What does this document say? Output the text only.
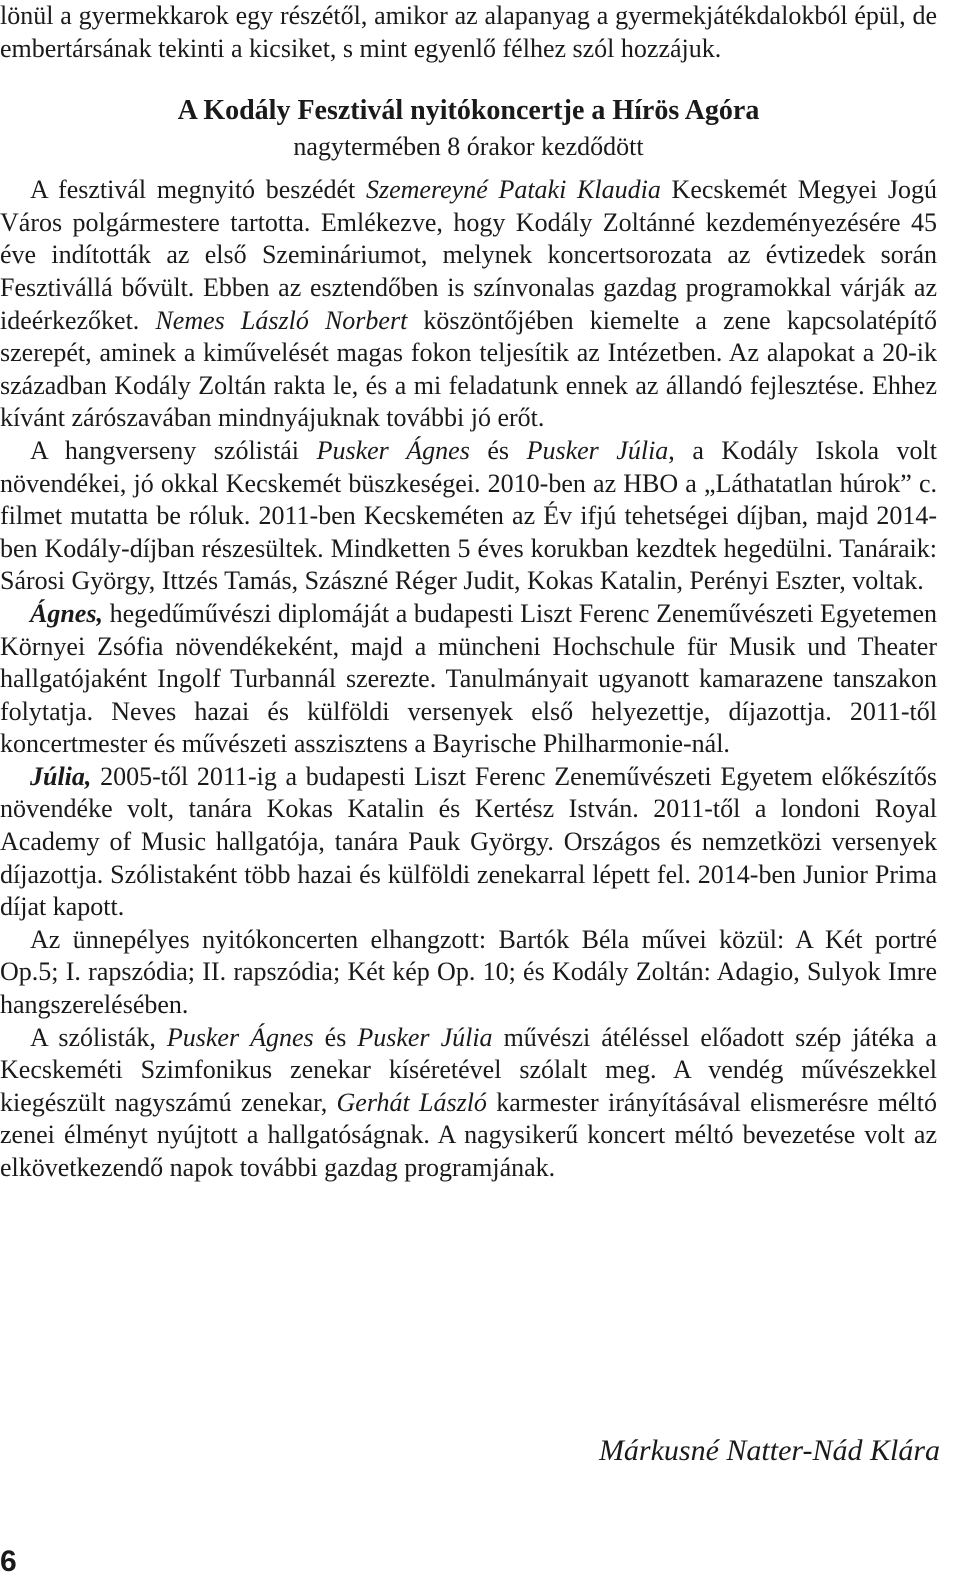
lönül a gyermekkarok egy részétől, amikor az alapanyag a gyermekjátékdalokból épül, de embertársának tekinti a kicsiket, s mint egyenlő félhez szól hozzájuk.

A Kodály Fesztivál nyitókoncertje a Hírös Agóra
nagytermében 8 órakor kezdődött

A fesztivál megnyitó beszédét Szemereyné Pataki Klaudia Kecskemét Megyei Jogú Város polgármestere tartotta. Emlékezve, hogy Kodály Zoltánné kezdeményezésére 45 éve indították az első Szemináriumot, melynek koncertsorozata az évtizedek során Fesztivállá bővült. Ebben az esztendőben is színvonalas gazdag programokkal várják az ideérkezőket. Nemes László Norbert köszöntőjében kiemelte a zene kapcsolatépítő szerepét, aminek a kiművelését magas fokon teljesítik az Intézetben. Az alapokat a 20-ik században Kodály Zoltán rakta le, és a mi feladatunk ennek az állandó fejlesztése. Ehhez kívánt zárószavában mindnyájuknak további jó erőt.

A hangverseny szólistái Pusker Ágnes és Pusker Júlia, a Kodály Iskola volt növendékei, jó okkal Kecskemét büszkeségei. 2010-ben az HBO a „Láthatatlan húrok” c. filmet mutatta be róluk. 2011-ben Kecskeméten az Év ifjú tehetségei díjban, majd 2014-ben Kodály-díjban részesültek. Mindketten 5 éves korukban kezdtek hegedülni. Tanáraik: Sárosi György, Ittzés Tamás, Szászné Réger Judit, Kokas Katalin, Perényi Eszter, voltak.

Ágnes, hegedűművészi diplomáját a budapesti Liszt Ferenc Zeneművészeti Egyetemen Környei Zsófia növendékeként, majd a müncheni Hochschule für Musik und Theater hallgatójaként Ingolf Turbannál szerezte. Tanulmányait ugyanott kamarazene tanszakon folytatja. Neves hazai és külföldi versenyek első helyezettje, díjazottja. 2011-től koncertmester és művészeti asszisztens a Bayrische Philharmonie-nál.

Júlia, 2005-től 2011-ig a budapesti Liszt Ferenc Zeneművészeti Egyetem előkészítős növendéke volt, tanára Kokas Katalin és Kertész István. 2011-től a londoni Royal Academy of Music hallgatója, tanára Pauk György. Országos és nemzetközi versenyek díjazottja. Szólistaként több hazai és külföldi zenekarral lépett fel. 2014-ben Junior Prima díjat kapott.

Az ünnepélyes nyitókoncerten elhangzott: Bartók Béla művei közül: A Két portré Op.5; I. rapszódia; II. rapszódia; Két kép Op. 10; és Kodály Zoltán: Adagio, Sulyok Imre hangszerelésében.

A szólisták, Pusker Ágnes és Pusker Júlia művészi átéléssel előadott szép játéka a Kecskeméti Szimfonikus zenekar kíséretével szólalt meg. A vendég művészekkel kiegészült nagyszámú zenekar, Gerhát László karmester irányításával elismerésre méltó zenei élményt nyújtott a hallgatóságnak. A nagysikerű koncert méltó bevezetése volt az elkövetkezendő napok további gazdag programjának.

Márkusné Natter-Nád Klára
6
